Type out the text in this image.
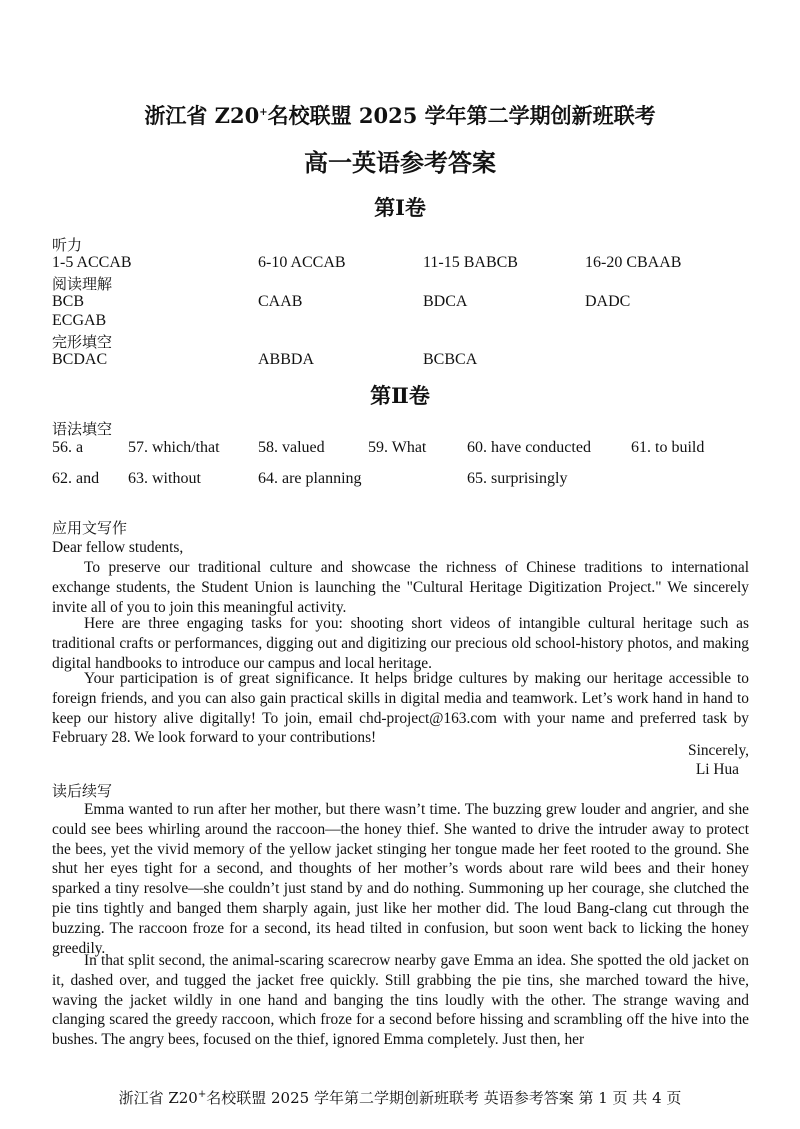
浙江省 Z20+名校联盟 2025 学年第二学期创新班联考
高一英语参考答案
第Ⅰ卷
听力
1-5 ACCAB	6-10 ACCAB	11-15 BABCB	16-20 CBAAB
阅读理解
BCB	CAAB	BDCA	DADC
ECGAB
完形填空
BCDAC	ABBDA	BCBCA
第Ⅱ卷
语法填空
56. a	57. which/that 58. valued	59. What	60. have conducted	61. to build
62. and 63. without	64. are planning	65. surprisingly
应用文写作
Dear fellow students,

To preserve our traditional culture and showcase the richness of Chinese traditions to international exchange students, the Student Union is launching the "Cultural Heritage Digitization Project." We sincerely invite all of you to join this meaningful activity.

Here are three engaging tasks for you: shooting short videos of intangible cultural heritage such as traditional crafts or performances, digging out and digitizing our precious old school-history photos, and making digital handbooks to introduce our campus and local heritage.

Your participation is of great significance. It helps bridge cultures by making our heritage accessible to foreign friends, and you can also gain practical skills in digital media and teamwork. Let’s work hand in hand to keep our history alive digitally! To join, email chd-project@163.com with your name and preferred task by February 28. We look forward to your contributions!

Sincerely,
Li Hua
读后续写

Emma wanted to run after her mother, but there wasn’t time. The buzzing grew louder and angrier, and she could see bees whirling around the raccoon—the honey thief. She wanted to drive the intruder away to protect the bees, yet the vivid memory of the yellow jacket stinging her tongue made her feet rooted to the ground. She shut her eyes tight for a second, and thoughts of her mother’s words about rare wild bees and their honey sparked a tiny resolve—she couldn’t just stand by and do nothing. Summoning up her courage, she clutched the pie tins tightly and banged them sharply again, just like her mother did. The loud Bang-clang cut through the buzzing. The raccoon froze for a second, its head tilted in confusion, but soon went back to licking the honey greedily.

In that split second, the animal-scaring scarecrow nearby gave Emma an idea. She spotted the old jacket on it, dashed over, and tugged the jacket free quickly. Still grabbing the pie tins, she marched toward the hive, waving the jacket wildly in one hand and banging the tins loudly with the other. The strange waving and clanging scared the greedy raccoon, which froze for a second before hissing and scrambling off the hive into the bushes. The angry bees, focused on the thief, ignored Emma completely. Just then, her

浙江省 Z20+名校联盟 2025 学年第二学期创新班联考 英语参考答案 第 1 页 共 4 页
